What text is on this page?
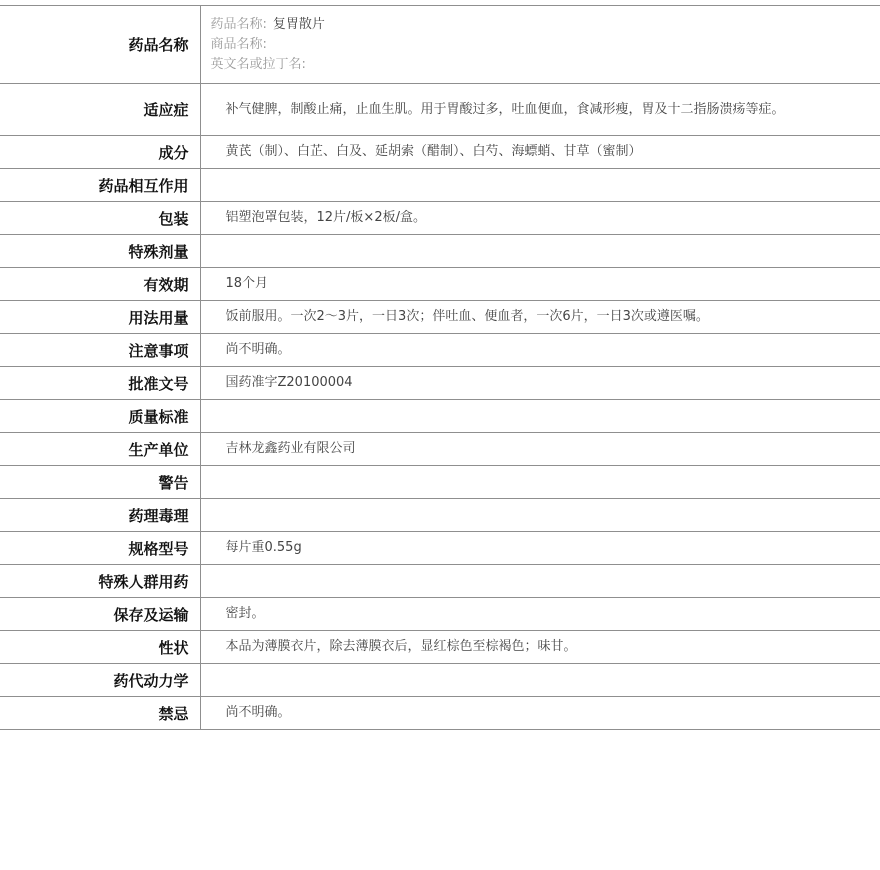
药品名称	药品名称: 复胃散片
商品名称:
英文名或拉丁名:

适应症	补气健脾，制酸止痛，止血生肌。用于胃酸过多，吐血便血，食减形瘦，胃及十二指肠溃疡等症。
成分	黄芪（制）、白芷、白及、延胡索（醋制）、白芍、海螵蛸、甘草（蜜制）
药品相互作用	
包装	铝塑泡罩包装，12片/板×2板/盒。
特殊剂量	
有效期	18个月
用法用量	饭前服用。一次2～3片，一日3次；伴吐血、便血者，一次6片，一日3次或遵医嘱。
注意事项	尚不明确。
批准文号	国药准字Z20100004
质量标准	
生产单位	吉林龙鑫药业有限公司
警告	
药理毒理	
规格型号	每片重0.55g
特殊人群用药	
保存及运输	密封。
性状	本品为薄膜衣片，除去薄膜衣后，显红棕色至棕褐色；味甘。
药代动力学	
禁忌	尚不明确。
